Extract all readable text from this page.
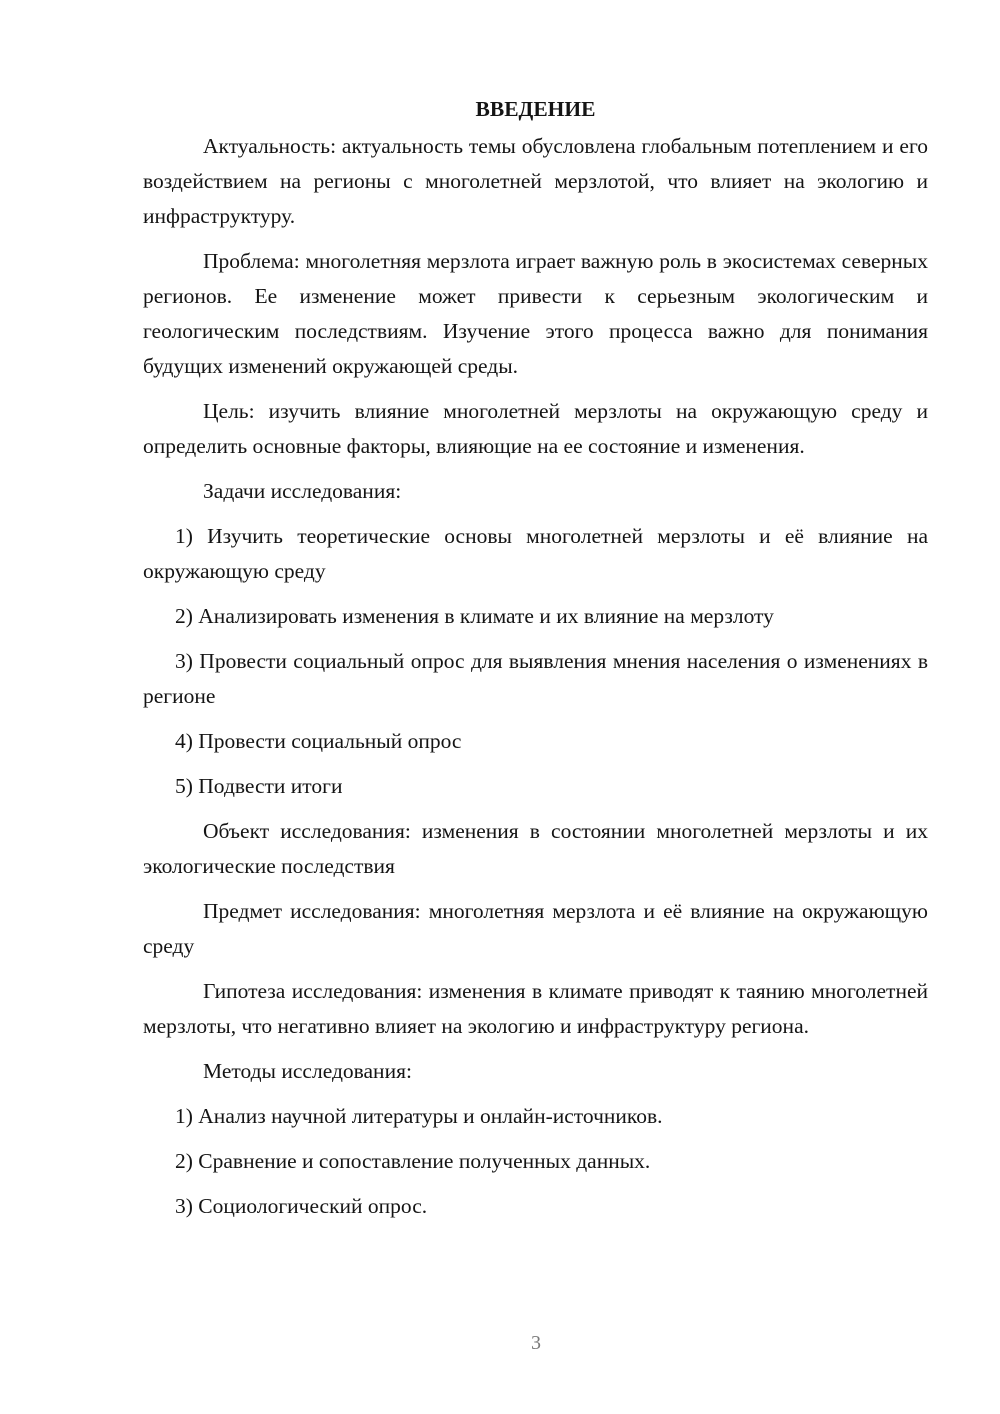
ВВЕДЕНИЕ

Актуальность: актуальность темы обусловлена глобальным потеплением и его воздействием на регионы с многолетней мерзлотой, что влияет на экологию и инфраструктуру.

Проблема: многолетняя мерзлота играет важную роль в экосистемах северных регионов. Ее изменение может привести к серьезным экологическим и геологическим последствиям. Изучение этого процесса важно для понимания будущих изменений окружающей среды.

Цель: изучить влияние многолетней мерзлоты на окружающую среду и определить основные факторы, влияющие на ее состояние и изменения.

Задачи исследования:

1) Изучить теоретические основы многолетней мерзлоты и её влияние на окружающую среду

2) Анализировать изменения в климате и их влияние на мерзлоту

3) Провести социальный опрос для выявления мнения населения о изменениях в регионе

4) Провести социальный опрос

5) Подвести итоги

Объект исследования: изменения в состоянии многолетней мерзлоты и их экологические последствия

Предмет исследования: многолетняя мерзлота и её влияние на окружающую среду

Гипотеза исследования: изменения в климате приводят к таянию многолетней мерзлоты, что негативно влияет на экологию и инфраструктуру региона.

Методы исследования:

1) Анализ научной литературы и онлайн-источников.

2) Сравнение и сопоставление полученных данных.

3) Социологический опрос.

3
